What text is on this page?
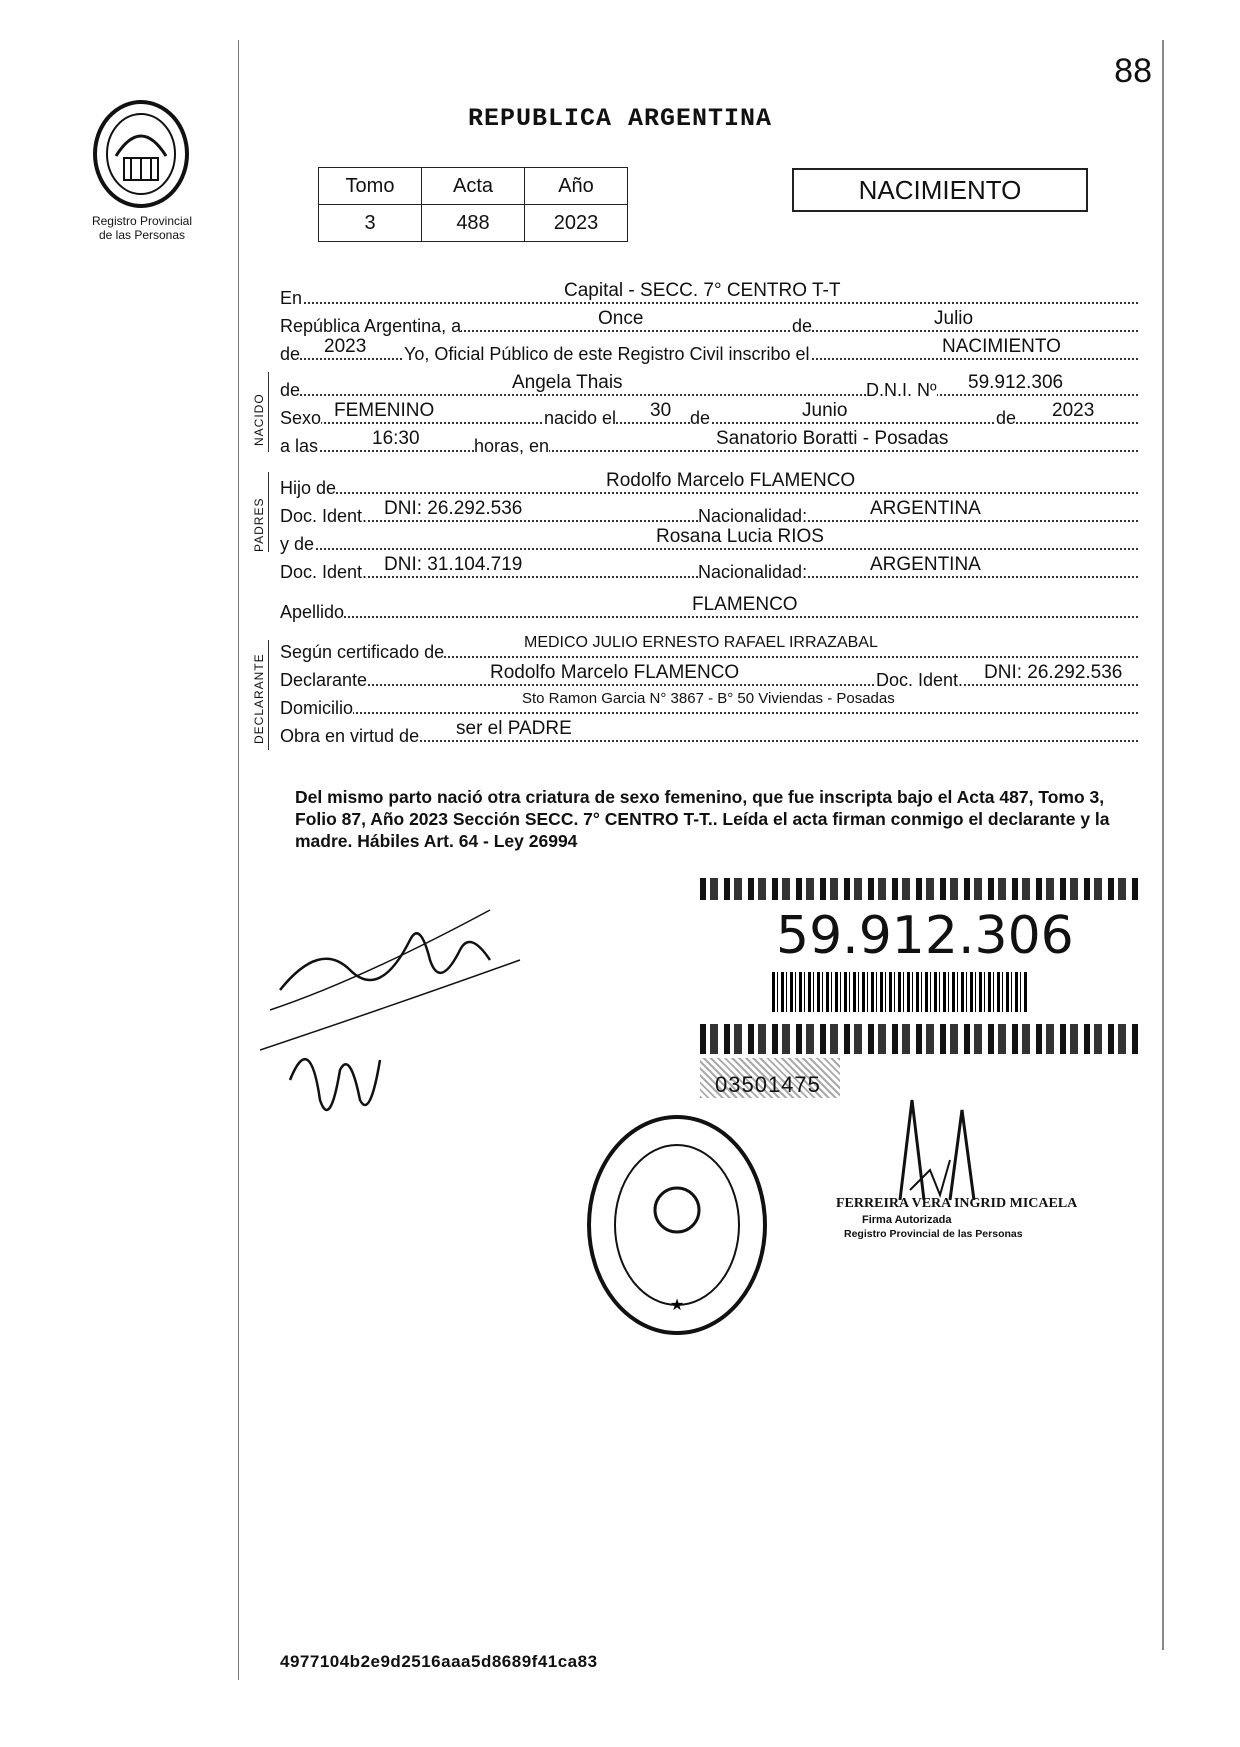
88
REPUBLICA ARGENTINA
Registro Provincial
de las Personas
Tomo	Acta	Año
3	488	2023
NACIMIENTO
NACIDO
PADRES
DECLARANTE
En	Capital - SECC. 7° CENTRO T-T
República Argentina, a	Once	de	Julio
de 2023 Yo, Oficial Público de este Registro Civil inscribo el	NACIMIENTO
de	Angela Thais	D.N.I. Nº 59.912.306
Sexo FEMENINO	nacido el 30 de	Junio	de 2023
a las	16:30	horas, en	Sanatorio Boratti - Posadas
Hijo de	Rodolfo Marcelo FLAMENCO
Doc. Ident. DNI: 26.292.536	Nacionalidad:	ARGENTINA
y de	Rosana Lucia RIOS
Doc. Ident. DNI: 31.104.719	Nacionalidad:	ARGENTINA
Apellido	FLAMENCO
Según certificado de	MEDICO JULIO ERNESTO RAFAEL IRRAZABAL
Declarante	Rodolfo Marcelo FLAMENCO	Doc. Ident. DNI: 26.292.536
Domicilio	Sto Ramon Garcia N° 3867 - B° 50 Viviendas - Posadas
Obra en virtud de ser el PADRE
Del mismo parto nació otra criatura de sexo femenino, que fue inscripta bajo el Acta 487, Tomo 3, Folio 87, Año 2023 Sección SECC. 7° CENTRO T-T.. Leída el acta firman conmigo el declarante y la madre. Hábiles Art. 64 - Ley 26994
59.912.306
03501475
★
FERREIRA VERA INGRID MICAELA
Firma Autorizada
Registro Provincial de las Personas
4977104b2e9d2516aaa5d8689f41ca83
